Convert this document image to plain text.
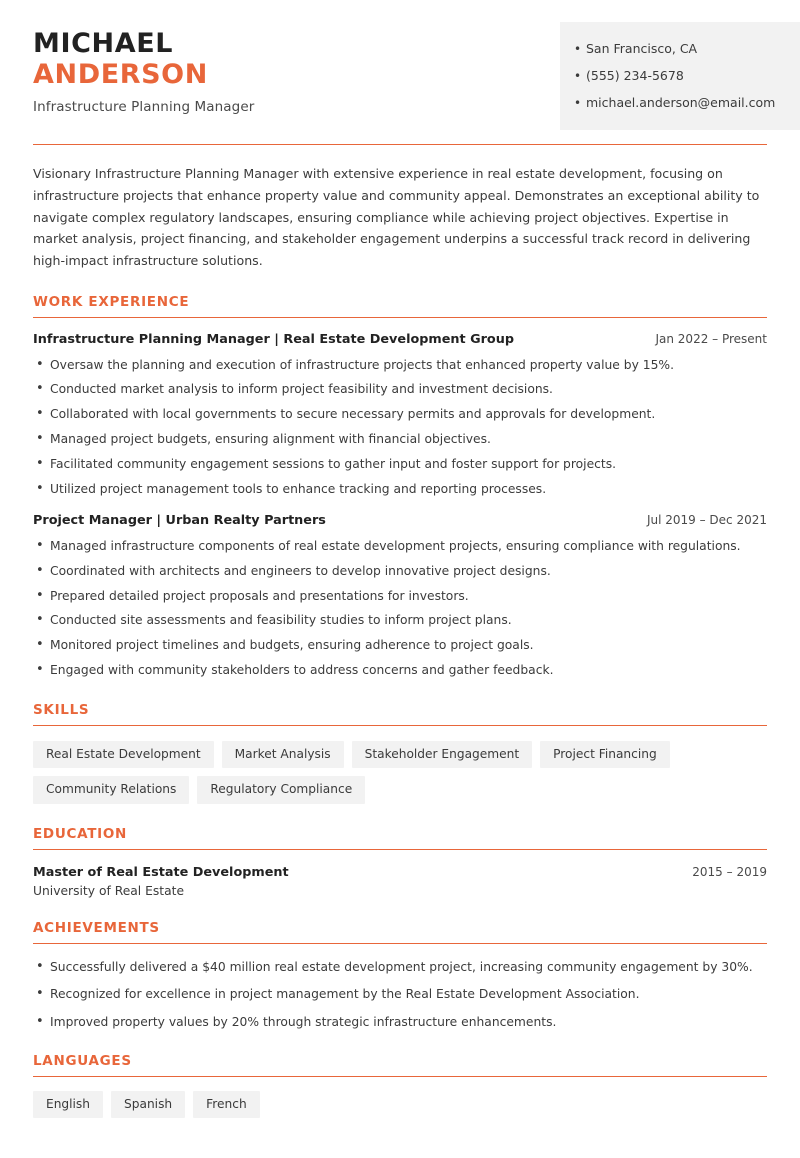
MICHAEL
ANDERSON
Infrastructure Planning Manager
• San Francisco, CA
• (555) 234-5678
• michael.anderson@email.com

Visionary Infrastructure Planning Manager with extensive experience in real estate development, focusing on infrastructure projects that enhance property value and community appeal. Demonstrates an exceptional ability to navigate complex regulatory landscapes, ensuring compliance while achieving project objectives. Expertise in market analysis, project financing, and stakeholder engagement underpins a successful track record in delivering high-impact infrastructure solutions.

WORK EXPERIENCE
Infrastructure Planning Manager | Real Estate Development Group	Jan 2022 – Present
• Oversaw the planning and execution of infrastructure projects that enhanced property value by 15%.
• Conducted market analysis to inform project feasibility and investment decisions.
• Collaborated with local governments to secure necessary permits and approvals for development.
• Managed project budgets, ensuring alignment with financial objectives.
• Facilitated community engagement sessions to gather input and foster support for projects.
• Utilized project management tools to enhance tracking and reporting processes.
Project Manager | Urban Realty Partners	Jul 2019 – Dec 2021
• Managed infrastructure components of real estate development projects, ensuring compliance with regulations.
• Coordinated with architects and engineers to develop innovative project designs.
• Prepared detailed project proposals and presentations for investors.
• Conducted site assessments and feasibility studies to inform project plans.
• Monitored project timelines and budgets, ensuring adherence to project goals.
• Engaged with community stakeholders to address concerns and gather feedback.
SKILLS
Real Estate Development	Market Analysis	Stakeholder Engagement	Project Financing
Community Relations	Regulatory Compliance
EDUCATION
Master of Real Estate Development	2015 – 2019
University of Real Estate
ACHIEVEMENTS
• Successfully delivered a $40 million real estate development project, increasing community engagement by 30%.
• Recognized for excellence in project management by the Real Estate Development Association.
• Improved property values by 20% through strategic infrastructure enhancements.
LANGUAGES
English	Spanish	French
